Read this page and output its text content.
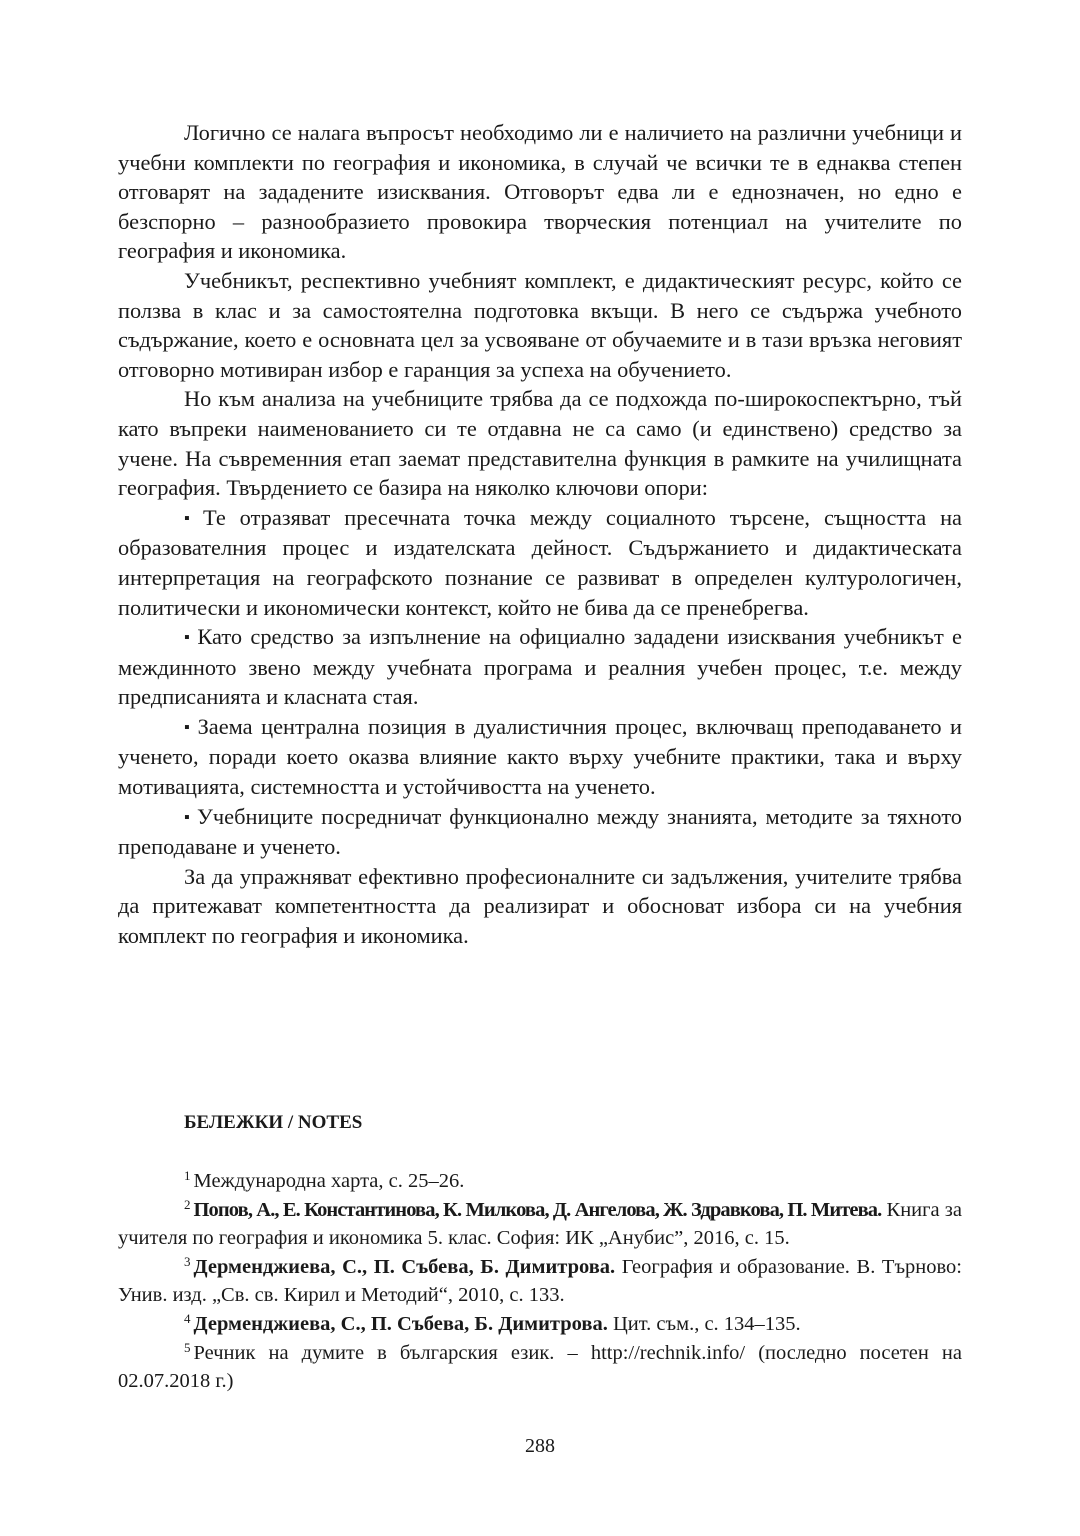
Логично се налага въпросът необходимо ли е наличието на различни учебници и учебни комплекти по география и икономика, в случай че всички те в еднаква степен отговарят на зададените изисквания. Отговорът едва ли е еднозначен, но едно е безспорно – разнообразието провокира творческия потенциал на учителите по география и икономика.

Учебникът, респективно учебният комплект, е дидактическият ресурс, който се ползва в клас и за самостоятелна подготовка вкъщи. В него се съдържа учебното съдържание, което е основната цел за усвояване от обучаемите и в тази връзка неговият отговорно мотивиран избор е гаранция за успеха на обучението.

Но към анализа на учебниците трябва да се подхожда по-широкоспектърно, тъй като въпреки наименованието си те отдавна не са само (и единствено) средство за учене. На съвременния етап заемат представителна функция в рамките на училищната география. Твърдението се базира на няколко ключови опори:

▪ Те отразяват пресечната точка между социалното търсене, същността на образователния процес и издателската дейност. Съдържанието и дидактическата интерпретация на географското познание се развиват в определен културологичен, политически и икономически контекст, който не бива да се пренебрегва.

▪ Като средство за изпълнение на официално зададени изисквания учебникът е междинното звено между учебната програма и реалния учебен процес, т.е. между предписанията и класната стая.

▪ Заема централна позиция в дуалистичния процес, включващ преподаването и ученето, поради което оказва влияние както върху учебните практики, така и върху мотивацията, системността и устойчивостта на ученето.

▪ Учебниците посредничат функционално между знанията, методите за тяхното преподаване и ученето.

За да упражняват ефективно професионалните си задължения, учителите трябва да притежават компетентността да реализират и обосноват избора си на учебния комплект по география и икономика.

БЕЛЕЖКИ / NOTES

$^1$ Международна харта, с. 25–26.

$^2$ Попов, А., Е. Константинова, К. Милкова, Д. Ангелова, Ж. Здравкова, П. Митева. Книга за учителя по география и икономика 5. клас. София: ИК „Анубис”, 2016, с. 15.

$^3$ Дерменджиева, С., П. Събева, Б. Димитрова. География и образование. В. Търново: Унив. изд. „Св. св. Кирил и Методий“, 2010, с. 133.

$^4$ Дерменджиева, С., П. Събева, Б. Димитрова. Цит. съм., с. 134–135.

$^5$ Речник на думите в българския език. – http://rechnik.info/ (последно посетен на 02.07.2018 г.)

288
